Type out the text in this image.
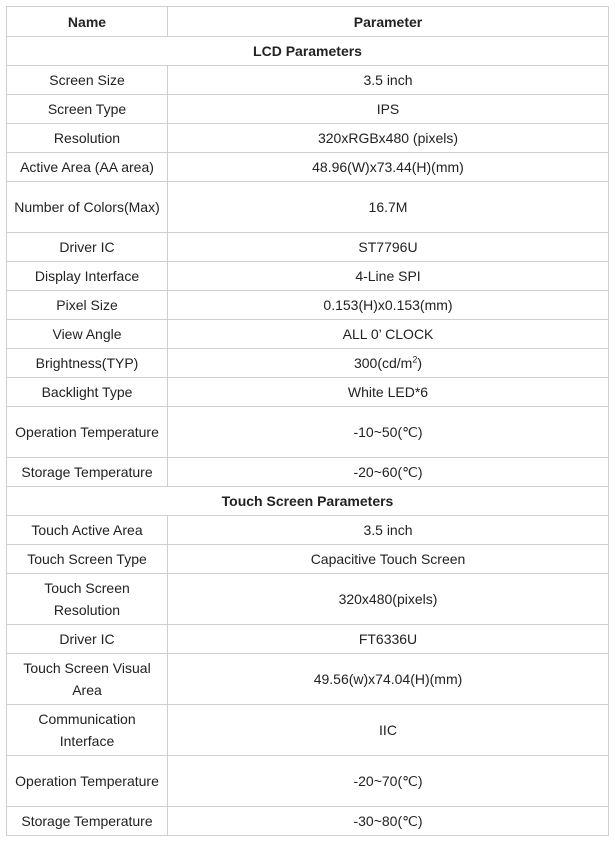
Name	Parameter
LCD Parameters	
Screen Size	3.5 inch
Screen Type	IPS
Resolution	320xRGBx480 (pixels)
Active Area (AA area)	48.96(W)x73.44(H)(mm)
Number of Colors(Max)	16.7M
Driver IC	ST7796U
Display Interface	4-Line SPI
Pixel Size	0.153(H)x0.153(mm)
View Angle	ALL 0’ CLOCK
Brightness(TYP)	$300(cd/m^2)$
Backlight Type	White LED*6
Operation Temperature	-10~50(℃)
Storage Temperature	-20~60(℃)
Touch Screen Parameters	
Touch Active Area	3.5 inch
Touch Screen Type	Capacitive Touch Screen
Touch Screen Resolution	320x480(pixels)
Driver IC	FT6336U
Touch Screen Visual Area	49.56(w)x74.04(H)(mm)
Communication Interface	IIC
Operation Temperature	-20~70(℃)
Storage Temperature	-30~80(℃)
